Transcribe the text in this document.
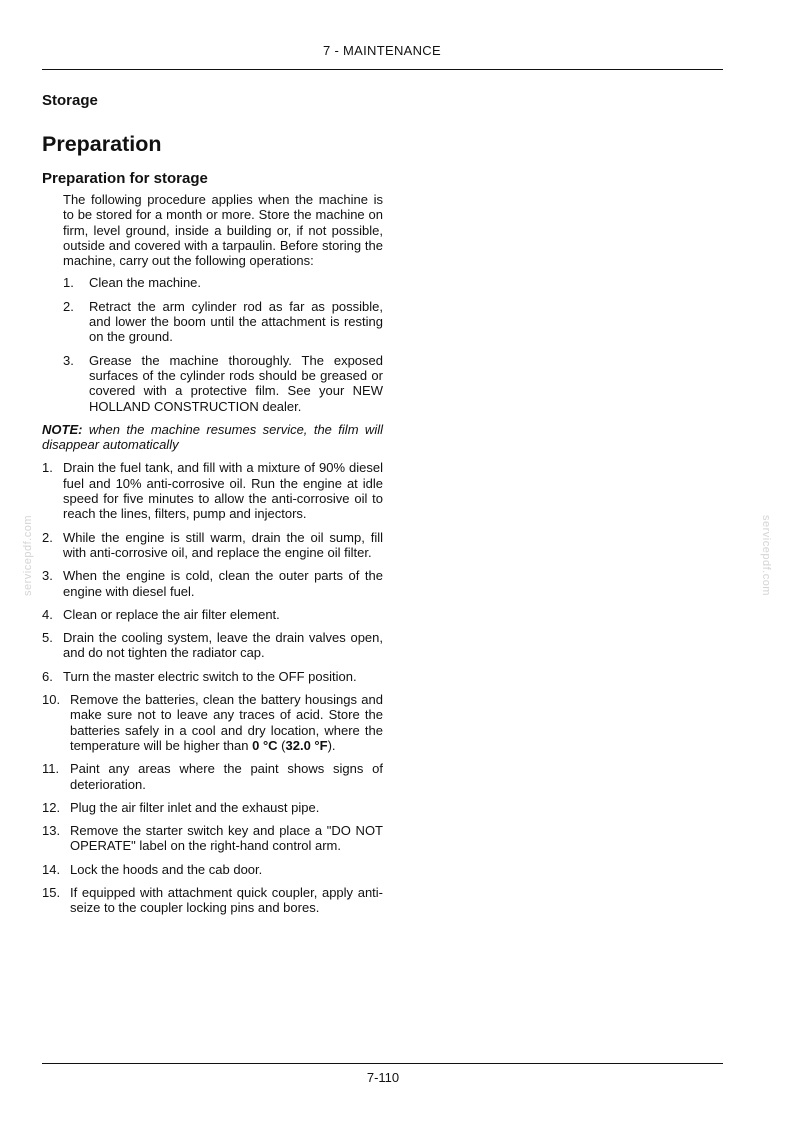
7 - MAINTENANCE
servicepdf.com	servicepdf.com
Storage
Preparation
Preparation for storage

The following procedure applies when the machine is to be stored for a month or more. Store the machine on firm, level ground, inside a building or, if not possible, outside and covered with a tarpaulin. Before storing the machine, carry out the following operations:

1. Clean the machine.
2. Retract the arm cylinder rod as far as possible, and lower the boom until the attachment is resting on the ground.
3. Grease the machine thoroughly. The exposed surfaces of the cylinder rods should be greased or covered with a protective film. See your NEW HOLLAND CONSTRUCTION dealer.

NOTE: when the machine resumes service, the film will disappear automatically

1. Drain the fuel tank, and fill with a mixture of 90% diesel fuel and 10% anti-corrosive oil. Run the engine at idle speed for five minutes to allow the anti-corrosive oil to reach the lines, filters, pump and injectors.
2. While the engine is still warm, drain the oil sump, fill with anti-corrosive oil, and replace the engine oil filter.
3. When the engine is cold, clean the outer parts of the engine with diesel fuel.
4. Clean or replace the air filter element.
5. Drain the cooling system, leave the drain valves open, and do not tighten the radiator cap.
6. Turn the master electric switch to the OFF position.
10. Remove the batteries, clean the battery housings and make sure not to leave any traces of acid. Store the batteries safely in a cool and dry location, where the temperature will be higher than 0 °C (32.0 °F).
11. Paint any areas where the paint shows signs of deterioration.
12. Plug the air filter inlet and the exhaust pipe.
13. Remove the starter switch key and place a "DO NOT OPERATE" label on the right-hand control arm.
14. Lock the hoods and the cab door.
15. If equipped with attachment quick coupler, apply anti-seize to the coupler locking pins and bores.
7-110
